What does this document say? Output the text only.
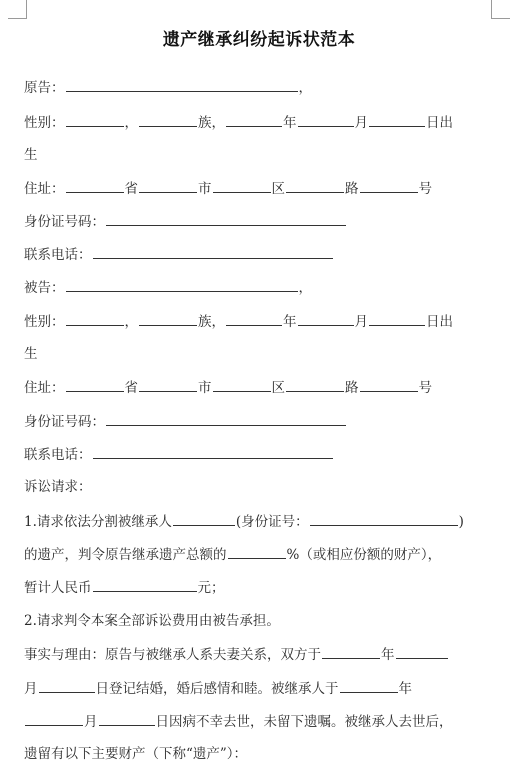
遗产继承纠纷起诉状范本
原告：	，
性别：	，	族，	年	月	日出
生
住址：	省	市	区	路	号
身份证号码：
联系电话：
被告：	，
性别：	，	族，	年	月	日出
生
住址：	省	市	区	路	号
身份证号码：
联系电话：
诉讼请求：
1.请求依法分割被继承人	(身份证号：	)
的遗产，判令原告继承遗产总额的	%（或相应份额的财产），
暂计人民币	元；
2.请求判令本案全部诉讼费用由被告承担。
事实与理由：原告与被继承人系夫妻关系，双方于	年
月	日登记结婚，婚后感情和睦。被继承人于	年
月	日因病不幸去世，未留下遗嘱。被继承人去世后，
遗留有以下主要财产（下称“遗产”）：
